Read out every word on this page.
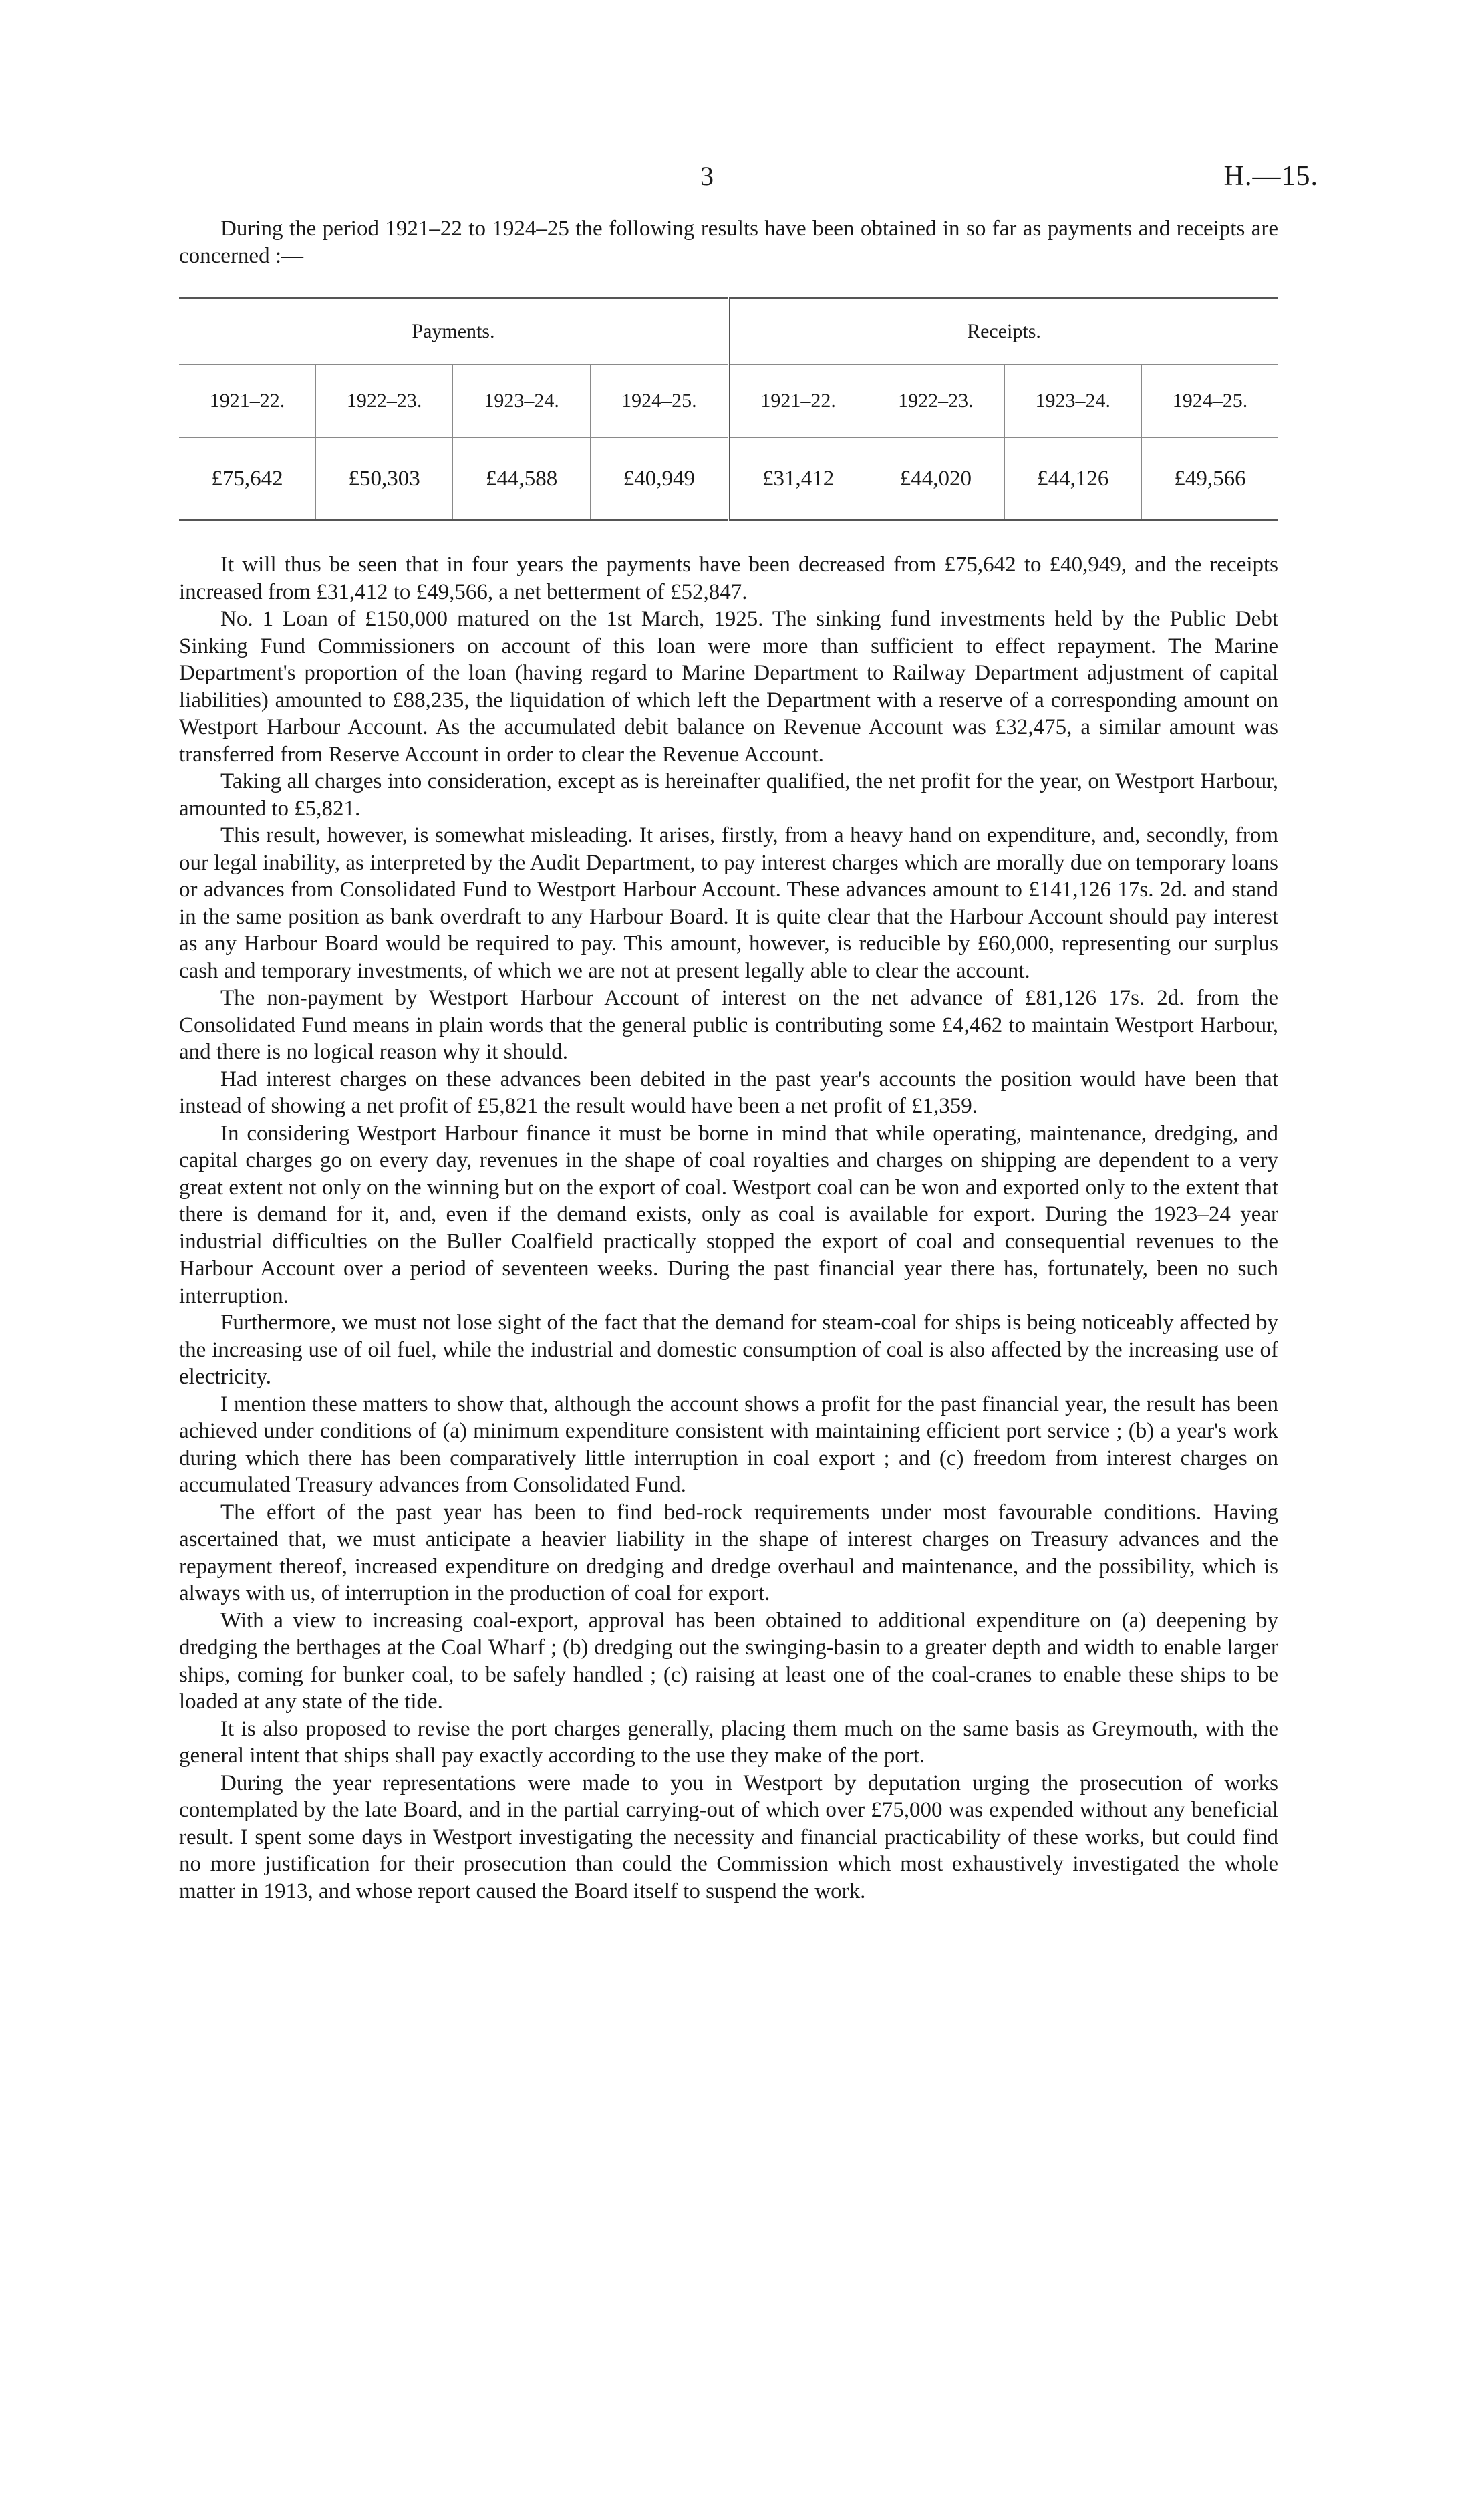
3	H.—15.

During the period 1921–22 to 1924–25 the following results have been obtained in so far as payments and receipts are concerned :—

Payments.				Receipts.			
1921–22.	1922–23.	1923–24.	1924–25.	1921–22.	1922–23.	1923–24.	1924–25.
£75,642	£50,303	£44,588	£40,949	£31,412	£44,020	£44,126	£49,566

It will thus be seen that in four years the payments have been decreased from £75,642 to £40,949, and the receipts increased from £31,412 to £49,566, a net betterment of £52,847.

No. 1 Loan of £150,000 matured on the 1st March, 1925. The sinking fund investments held by the Public Debt Sinking Fund Commissioners on account of this loan were more than sufficient to effect repayment. The Marine Department's proportion of the loan (having regard to Marine Department to Railway Department adjustment of capital liabilities) amounted to £88,235, the liquidation of which left the Department with a reserve of a corresponding amount on Westport Harbour Account. As the accumulated debit balance on Revenue Account was £32,475, a similar amount was transferred from Reserve Account in order to clear the Revenue Account.

Taking all charges into consideration, except as is hereinafter qualified, the net profit for the year, on Westport Harbour, amounted to £5,821.

This result, however, is somewhat misleading. It arises, firstly, from a heavy hand on expenditure, and, secondly, from our legal inability, as interpreted by the Audit Department, to pay interest charges which are morally due on temporary loans or advances from Consolidated Fund to Westport Harbour Account. These advances amount to £141,126 17s. 2d. and stand in the same position as bank overdraft to any Harbour Board. It is quite clear that the Harbour Account should pay interest as any Harbour Board would be required to pay. This amount, however, is reducible by £60,000, representing our surplus cash and temporary investments, of which we are not at present legally able to clear the account.

The non-payment by Westport Harbour Account of interest on the net advance of £81,126 17s. 2d. from the Consolidated Fund means in plain words that the general public is contributing some £4,462 to maintain Westport Harbour, and there is no logical reason why it should.

Had interest charges on these advances been debited in the past year's accounts the position would have been that instead of showing a net profit of £5,821 the result would have been a net profit of £1,359.

In considering Westport Harbour finance it must be borne in mind that while operating, maintenance, dredging, and capital charges go on every day, revenues in the shape of coal royalties and charges on shipping are dependent to a very great extent not only on the winning but on the export of coal. Westport coal can be won and exported only to the extent that there is demand for it, and, even if the demand exists, only as coal is available for export. During the 1923–24 year industrial difficulties on the Buller Coalfield practically stopped the export of coal and consequential revenues to the Harbour Account over a period of seventeen weeks. During the past financial year there has, fortunately, been no such interruption.

Furthermore, we must not lose sight of the fact that the demand for steam-coal for ships is being noticeably affected by the increasing use of oil fuel, while the industrial and domestic consumption of coal is also affected by the increasing use of electricity.

I mention these matters to show that, although the account shows a profit for the past financial year, the result has been achieved under conditions of (a) minimum expenditure consistent with maintaining efficient port service ; (b) a year's work during which there has been comparatively little interruption in coal export ; and (c) freedom from interest charges on accumulated Treasury advances from Consolidated Fund.

The effort of the past year has been to find bed-rock requirements under most favourable conditions. Having ascertained that, we must anticipate a heavier liability in the shape of interest charges on Treasury advances and the repayment thereof, increased expenditure on dredging and dredge overhaul and maintenance, and the possibility, which is always with us, of interruption in the production of coal for export.

With a view to increasing coal-export, approval has been obtained to additional expenditure on (a) deepening by dredging the berthages at the Coal Wharf ; (b) dredging out the swinging-basin to a greater depth and width to enable larger ships, coming for bunker coal, to be safely handled ; (c) raising at least one of the coal-cranes to enable these ships to be loaded at any state of the tide.

It is also proposed to revise the port charges generally, placing them much on the same basis as Greymouth, with the general intent that ships shall pay exactly according to the use they make of the port.

During the year representations were made to you in Westport by deputation urging the prosecution of works contemplated by the late Board, and in the partial carrying-out of which over £75,000 was expended without any beneficial result. I spent some days in Westport investigating the necessity and financial practicability of these works, but could find no more justification for their prosecution than could the Commission which most exhaustively investigated the whole matter in 1913, and whose report caused the Board itself to suspend the work.
